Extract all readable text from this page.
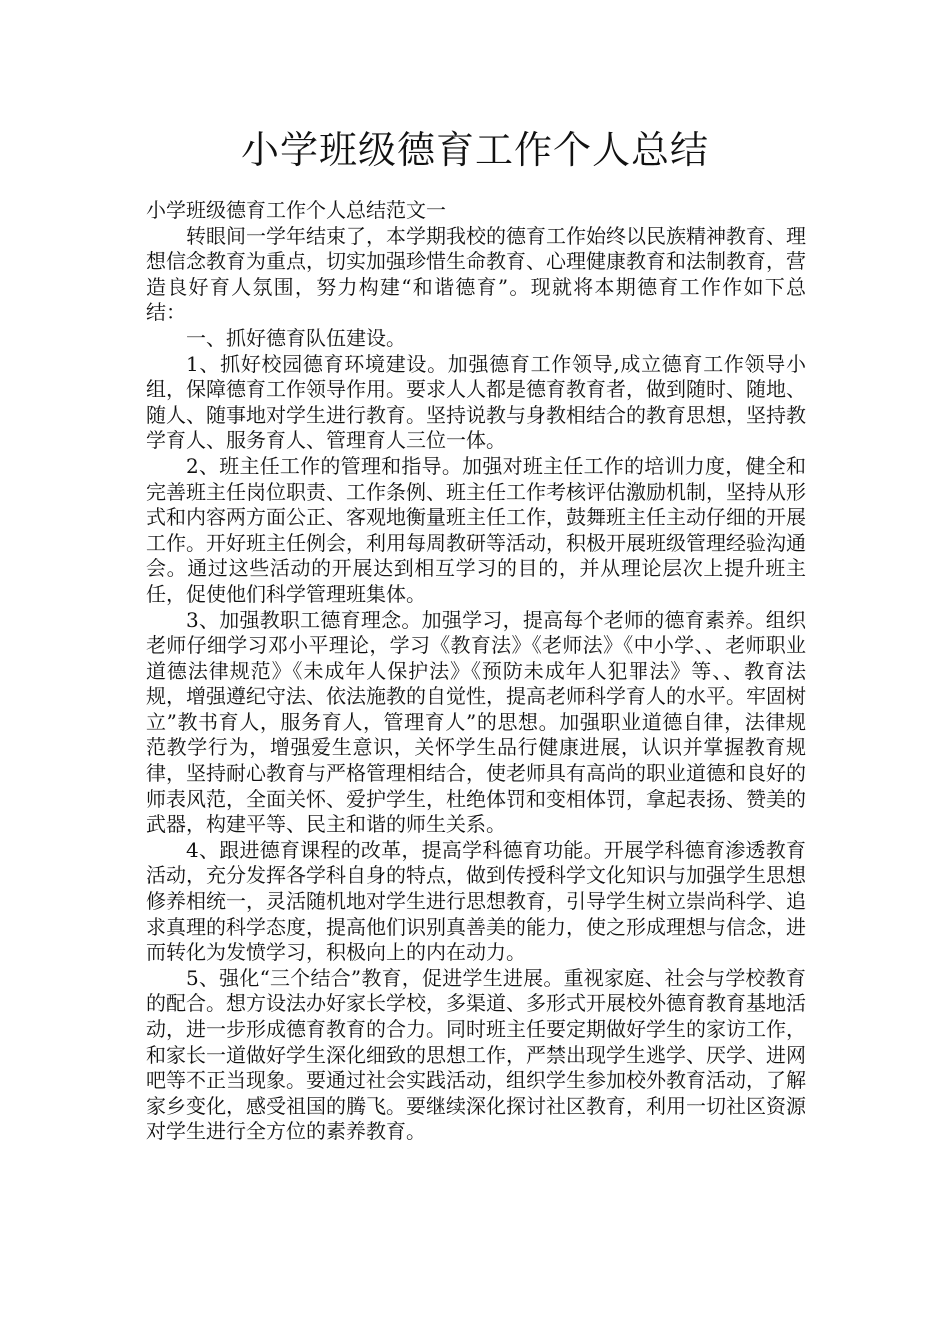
小学班级德育工作个人总结

小学班级德育工作个人总结范文一

转眼间一学年结束了，本学期我校的德育工作始终以民族精神教育、理想信念教育为重点，切实加强珍惜生命教育、心理健康教育和法制教育，营造良好育人氛围，努力构建“和谐德育”。现就将本期德育工作作如下总结：

一、抓好德育队伍建设。

1、抓好校园德育环境建设。加强德育工作领导,成立德育工作领导小组，保障德育工作领导作用。要求人人都是德育教育者，做到随时、随地、随人、随事地对学生进行教育。坚持说教与身教相结合的教育思想，坚持教学育人、服务育人、管理育人三位一体。

2、班主任工作的管理和指导。加强对班主任工作的培训力度，健全和完善班主任岗位职责、工作条例、班主任工作考核评估激励机制，坚持从形式和内容两方面公正、客观地衡量班主任工作，鼓舞班主任主动仔细的开展工作。开好班主任例会，利用每周教研等活动，积极开展班级管理经验沟通会。通过这些活动的开展达到相互学习的目的，并从理论层次上提升班主任，促使他们科学管理班集体。

3、加强教职工德育理念。加强学习，提高每个老师的德育素养。组织老师仔细学习邓小平理论，学习《教育法》《老师法》《中小学、、老师职业道德法律规范》《未成年人保护法》《预防未成年人犯罪法》等、、教育法规，增强遵纪守法、依法施教的自觉性，提高老师科学育人的水平。牢固树立”教书育人，服务育人，管理育人”的思想。加强职业道德自律，法律规范教学行为，增强爱生意识，关怀学生品行健康进展，认识并掌握教育规律，坚持耐心教育与严格管理相结合，使老师具有高尚的职业道德和良好的师表风范，全面关怀、爱护学生，杜绝体罚和变相体罚，拿起表扬、赞美的武器，构建平等、民主和谐的师生关系。

4、跟进德育课程的改革，提高学科德育功能。开展学科德育渗透教育活动，充分发挥各学科自身的特点，做到传授科学文化知识与加强学生思想修养相统一，灵活随机地对学生进行思想教育，引导学生树立崇尚科学、追求真理的科学态度，提高他们识别真善美的能力，使之形成理想与信念，进而转化为发愤学习，积极向上的内在动力。

5、强化“三个结合”教育，促进学生进展。重视家庭、社会与学校教育的配合。想方设法办好家长学校，多渠道、多形式开展校外德育教育基地活动，进一步形成德育教育的合力。同时班主任要定期做好学生的家访工作，和家长一道做好学生深化细致的思想工作，严禁出现学生逃学、厌学、进网吧等不正当现象。要通过社会实践活动，组织学生参加校外教育活动，了解家乡变化，感受祖国的腾飞。要继续深化探讨社区教育，利用一切社区资源对学生进行全方位的素养教育。
